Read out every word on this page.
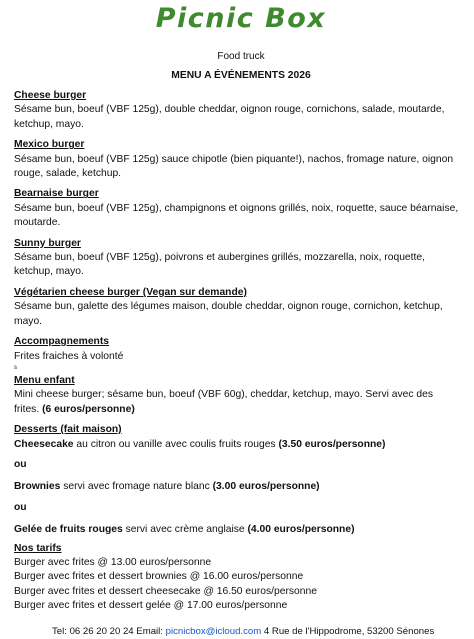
Picnic Box
Food truck
MENU A ÉVÉNEMENTS 2026
Cheese burger

Sésame bun, boeuf (VBF 125g), double cheddar, oignon rouge, cornichons, salade, moutarde, ketchup, mayo.

Mexico burger

Sésame bun, boeuf (VBF 125g) sauce chipotle (bien piquante!), nachos, fromage nature, oignon rouge, salade, ketchup.

Bearnaise burger

Sésame bun, boeuf (VBF 125g), champignons et oignons grillés, noix, roquette, sauce béarnaise, moutarde.

Sunny burger

Sésame bun, boeuf (VBF 125g), poivrons et aubergines grillés, mozzarella, noix, roquette, ketchup, mayo.

Végétarien cheese burger (Vegan sur demande)

Sésame bun, galette des légumes maison, double cheddar, oignon rouge, cornichon, ketchup, mayo.

Accompagnements

Frites fraiches à volonté

s
Menu enfant

Mini cheese burger; sésame bun, boeuf (VBF 60g), cheddar, ketchup, mayo. Servi avec des frites. (6 euros/personne)

Desserts (fait maison)

Cheesecake au citron ou vanille avec coulis fruits rouges (3.50 euros/personne)

ou

Brownies servi avec fromage nature blanc (3.00 euros/personne)

ou

Gelée de fruits rouges servi avec crème anglaise (4.00 euros/personne)

Nos tarifs

Burger avec frites @ 13.00 euros/personne

Burger avec frites et dessert brownies @ 16.00 euros/personne

Burger avec frites et dessert cheesecake @ 16.50 euros/personne

Burger avec frites et dessert gelée @ 17.00 euros/personne

Tel: 06 26 20 20 24 Email: picnicbox@icloud.com 4 Rue de l'Hippodrome, 53200 Sénones
